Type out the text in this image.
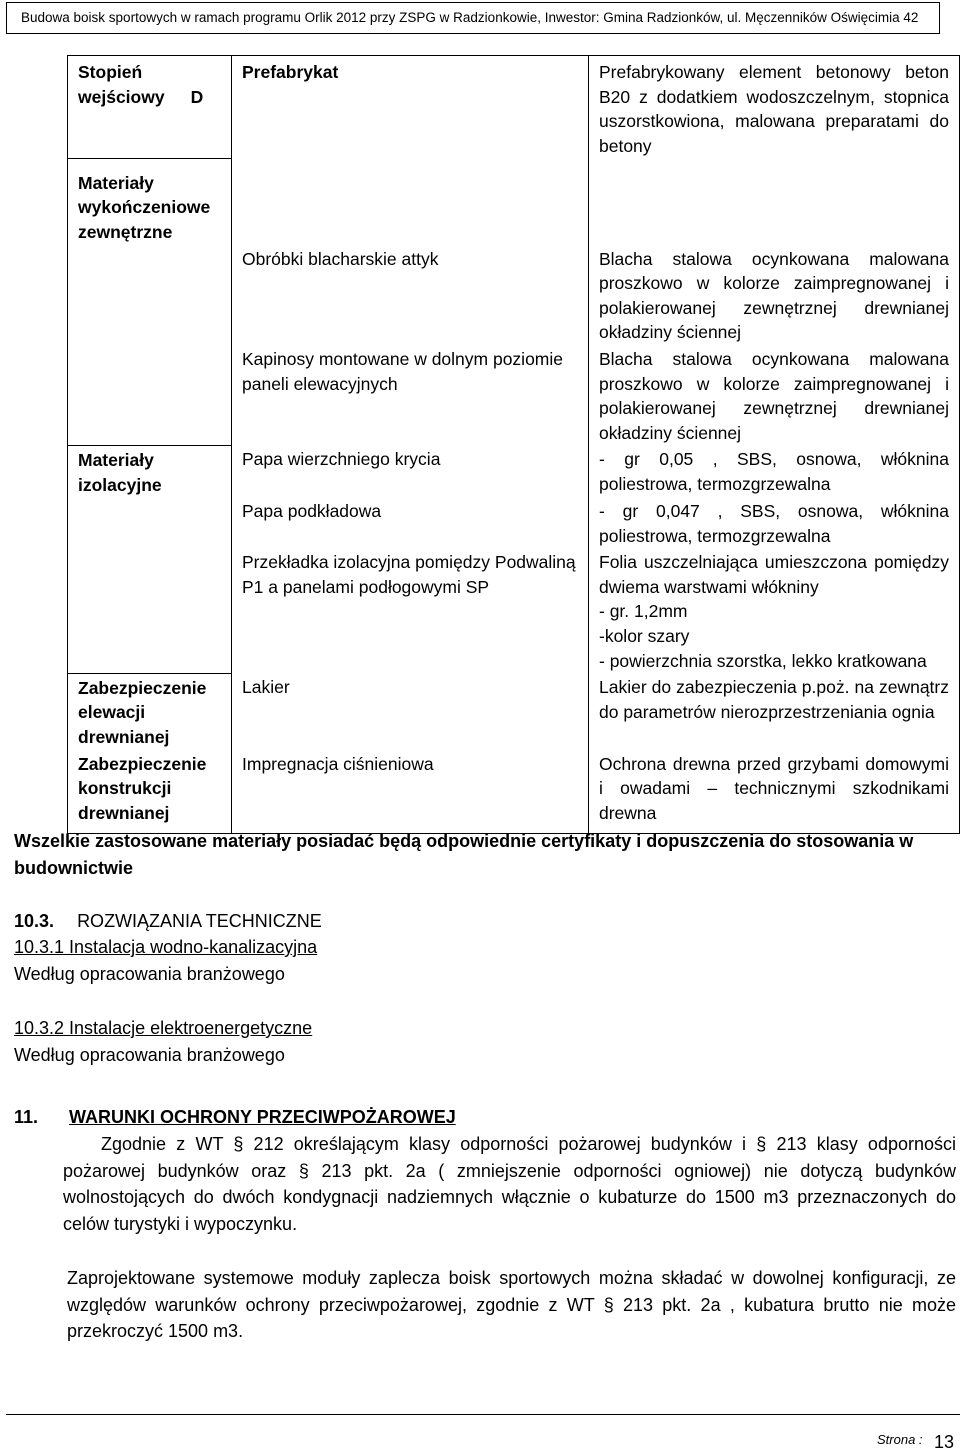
Budowa boisk sportowych w ramach programu Orlik 2012 przy ZSPG w Radzionkowie, Inwestor: Gmina Radzionków, ul. Męczenników Oświęcimia 42
Stopień wejściowy D	Prefabrykat	Prefabrykowany element betonowy beton B20 z dodatkiem wodoszczelnym, stopnica uszorstkowiona, malowana preparatami do betony
Materiały wykończeniowe zewnętrzne		
	Obróbki blacharskie attyk	Blacha stalowa ocynkowana malowana proszkowo w kolorze zaimpregnowanej i polakierowanej zewnętrznej drewnianej okładziny ściennej
	Kapinosy montowane w dolnym poziomie paneli elewacyjnych	Blacha stalowa ocynkowana malowana proszkowo w kolorze zaimpregnowanej i polakierowanej zewnętrznej drewnianej okładziny ściennej
Materiały izolacyjne	Papa wierzchniego krycia	- gr 0,05 , SBS, osnowa, włóknina poliestrowa, termozgrzewalna
	Papa podkładowa	- gr 0,047 , SBS, osnowa, włóknina poliestrowa, termozgrzewalna
	Przekładka izolacyjna pomiędzy Podwaliną P1 a panelami podłogowymi SP	Folia uszczelniająca umieszczona pomiędzy dwiema warstwami włókniny
- gr. 1,2mm
-kolor szary
- powierzchnia szorstka, lekko kratkowana

Zabezpieczenie elewacji drewnianej	Lakier	Lakier do zabezpieczenia p.poż. na zewnątrz do parametrów nierozprzestrzeniania ognia
Zabezpieczenie konstrukcji drewnianej	Impregnacja ciśnieniowa	Ochrona drewna przed grzybami domowymi i owadami – technicznymi szkodnikami drewna
Wszelkie zastosowane materiały posiadać będą odpowiednie certyfikaty i dopuszczenia do stosowania w budownictwie
10.3. ROZWIĄZANIA TECHNICZNE
10.3.1 Instalacja wodno-kanalizacyjna
Według opracowania branżowego
10.3.2 Instalacje elektroenergetyczne
Według opracowania branżowego
11. WARUNKI OCHRONY PRZECIWPOŻAROWEJ
Zgodnie z WT § 212 określającym klasy odporności pożarowej budynków i § 213 klasy odporności pożarowej budynków oraz § 213 pkt. 2a ( zmniejszenie odporności ogniowej) nie dotyczą budynków wolnostojących do dwóch kondygnacji nadziemnych włącznie o kubaturze do 1500 m3 przeznaczonych do celów turystyki i wypoczynku.
Zaprojektowane systemowe moduły zaplecza boisk sportowych można składać w dowolnej konfiguracji, ze względów warunków ochrony przeciwpożarowej, zgodnie z WT § 213 pkt. 2a , kubatura brutto nie może przekroczyć 1500 m3.
Strona : 13
